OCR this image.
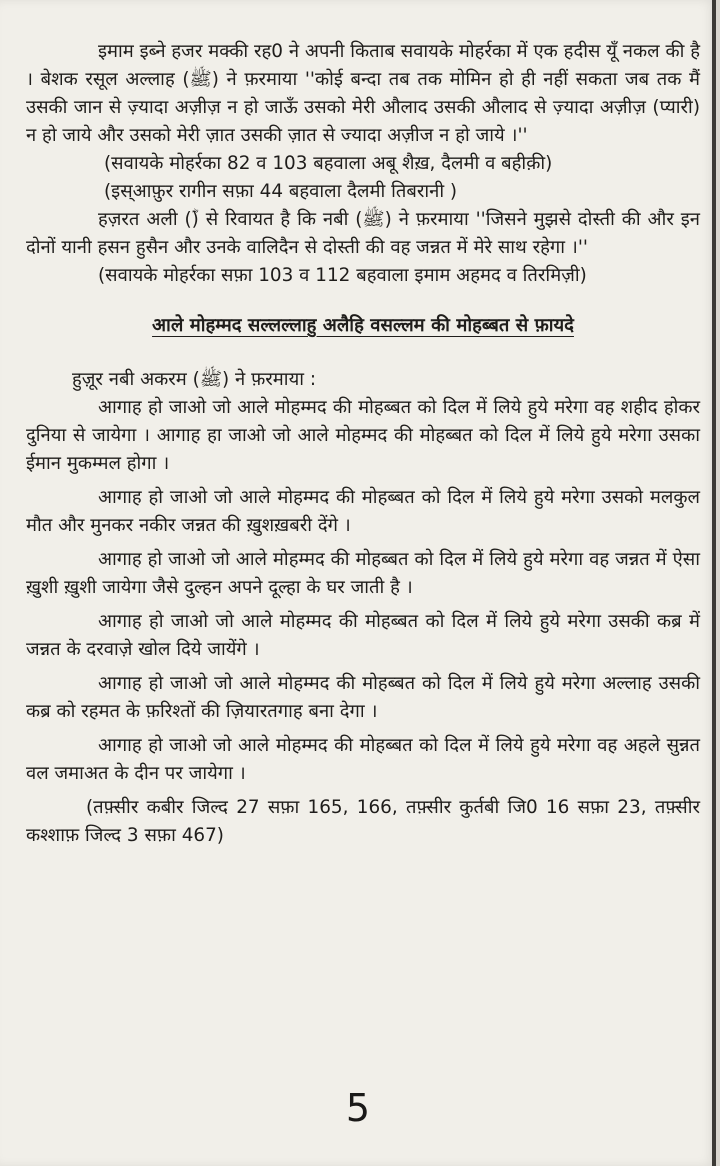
इमाम इब्ने हजर मक्की रह0 ने अपनी किताब सवायके मोहर्रका में एक हदीस यूँ नकल की है । बेशक रसूल अल्लाह (ﷺ) ने फ़रमाया ''कोई बन्दा तब तक मोमिन हो ही नहीं सकता जब तक मैं उसकी जान से ज़्यादा अज़ीज़ न हो जाऊँ उसको मेरी औलाद उसकी औलाद से ज़्यादा अज़ीज़ (प्यारी) न हो जाये और उसको मेरी ज़ात उसकी ज़ात से ज्यादा अज़ीज न हो जाये ।''

(सवायके मोहर्रका 82 व 103 बहवाला अबू शैख़, दैलमी व बहीक़ी)

(इस्आफ़ुर रागीन सफ़ा 44 बहवाला दैलमी तिबरानी )

हज़रत अली (ؓ) से रिवायत है कि नबी (ﷺ) ने फ़रमाया ''जिसने मुझसे दोस्ती की और इन दोनों यानी हसन हुसैन और उनके वालिदैन से दोस्ती की वह जन्नत में मेरे साथ रहेगा ।''

(सवायके मोहर्रका सफ़ा 103 व 112 बहवाला इमाम अहमद व तिरमिज़ी)

आले मोहम्मद सल्लल्लाहु अलैहि वसल्लम की मोहब्बत से फ़ायदे

हुज़ूर नबी अकरम (ﷺ) ने फ़रमाया :

आगाह हो जाओ जो आले मोहम्मद की मोहब्बत को दिल में लिये हुये मरेगा वह शहीद होकर दुनिया से जायेगा । आगाह हा जाओ जो आले मोहम्मद की मोहब्बत को दिल में लिये हुये मरेगा उसका ईमान मुकम्मल होगा ।

आगाह हो जाओ जो आले मोहम्मद की मोहब्बत को दिल में लिये हुये मरेगा उसको मलकुल मौत और मुनकर नकीर जन्नत की ख़ुशख़बरी देंगे ।

आगाह हो जाओ जो आले मोहम्मद की मोहब्बत को दिल में लिये हुये मरेगा वह जन्नत में ऐसा ख़ुशी ख़ुशी जायेगा जैसे दुल्हन अपने दूल्हा के घर जाती है ।

आगाह हो जाओ जो आले मोहम्मद की मोहब्बत को दिल में लिये हुये मरेगा उसकी कब्र में जन्नत के दरवाज़े खोल दिये जायेंगे ।

आगाह हो जाओ जो आले मोहम्मद की मोहब्बत को दिल में लिये हुये मरेगा अल्लाह उसकी कब्र को रहमत के फ़रिश्तों की ज़ियारतगाह बना देगा ।

आगाह हो जाओ जो आले मोहम्मद की मोहब्बत को दिल में लिये हुये मरेगा वह अहले सुन्नत वल जमाअत के दीन पर जायेगा ।

(तफ़्सीर कबीर जिल्द 27 सफ़ा 165, 166, तफ़्सीर कुर्तबी जि0 16 सफ़ा 23, तफ़्सीर कश्शाफ़ जिल्द 3 सफ़ा 467)

5
